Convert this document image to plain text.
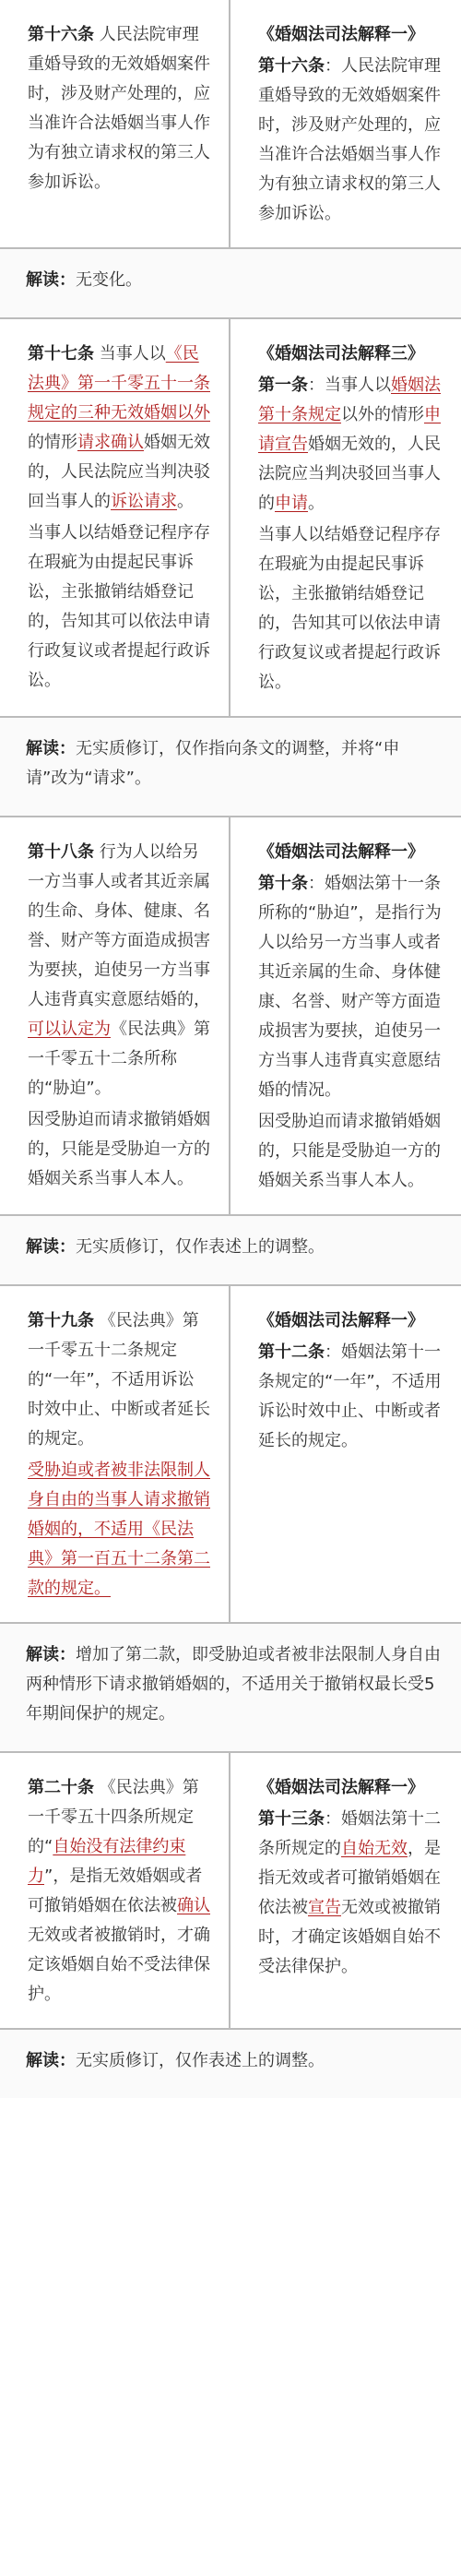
第十六条 人民法院审理重婚导致的无效婚姻案件时，涉及财产处理的，应当准许合法婚姻当事人作为有独立请求权的第三人参加诉讼。
《婚姻法司法解释一》
第十六条：人民法院审理重婚导致的无效婚姻案件时，涉及财产处理的，应当准许合法婚姻当事人作为有独立请求权的第三人参加诉讼。
解读：无变化。
第十七条 当事人以《民法典》第一千零五十一条规定的三种无效婚姻以外的情形请求确认婚姻无效的，人民法院应当判决驳回当事人的诉讼请求。
当事人以结婚登记程序存在瑕疵为由提起民事诉讼，主张撤销结婚登记的，告知其可以依法申请行政复议或者提起行政诉讼。
《婚姻法司法解释三》
第一条：当事人以婚姻法第十条规定以外的情形申请宣告婚姻无效的，人民法院应当判决驳回当事人的申请。
当事人以结婚登记程序存在瑕疵为由提起民事诉讼，主张撤销结婚登记的，告知其可以依法申请行政复议或者提起行政诉讼。
解读：无实质修订，仅作指向条文的调整，并将“申请”改为“请求”。
第十八条 行为人以给另一方当事人或者其近亲属的生命、身体、健康、名誉、财产等方面造成损害为要挟，迫使另一方当事人违背真实意愿结婚的，可以认定为《民法典》第一千零五十二条所称的“胁迫”。
因受胁迫而请求撤销婚姻的，只能是受胁迫一方的婚姻关系当事人本人。
《婚姻法司法解释一》
第十条：婚姻法第十一条所称的“胁迫”，是指行为人以给另一方当事人或者其近亲属的生命、身体健康、名誉、财产等方面造成损害为要挟，迫使另一方当事人违背真实意愿结婚的情况。
因受胁迫而请求撤销婚姻的，只能是受胁迫一方的婚姻关系当事人本人。
解读：无实质修订，仅作表述上的调整。
第十九条 《民法典》第一千零五十二条规定的“一年”，不适用诉讼时效中止、中断或者延长的规定。
受胁迫或者被非法限制人身自由的当事人请求撤销婚姻的，不适用《民法典》第一百五十二条第二款的规定。
《婚姻法司法解释一》
第十二条：婚姻法第十一条规定的“一年”，不适用诉讼时效中止、中断或者延长的规定。
解读：增加了第二款，即受胁迫或者被非法限制人身自由两种情形下请求撤销婚姻的，不适用关于撤销权最长受5年期间保护的规定。
第二十条 《民法典》第一千零五十四条所规定的“自始没有法律约束力”，是指无效婚姻或者可撤销婚姻在依法被确认无效或者被撤销时，才确定该婚姻自始不受法律保护。
《婚姻法司法解释一》
第十三条：婚姻法第十二条所规定的自始无效，是指无效或者可撤销婚姻在依法被宣告无效或被撤销时，才确定该婚姻自始不受法律保护。
解读：无实质修订，仅作表述上的调整。
